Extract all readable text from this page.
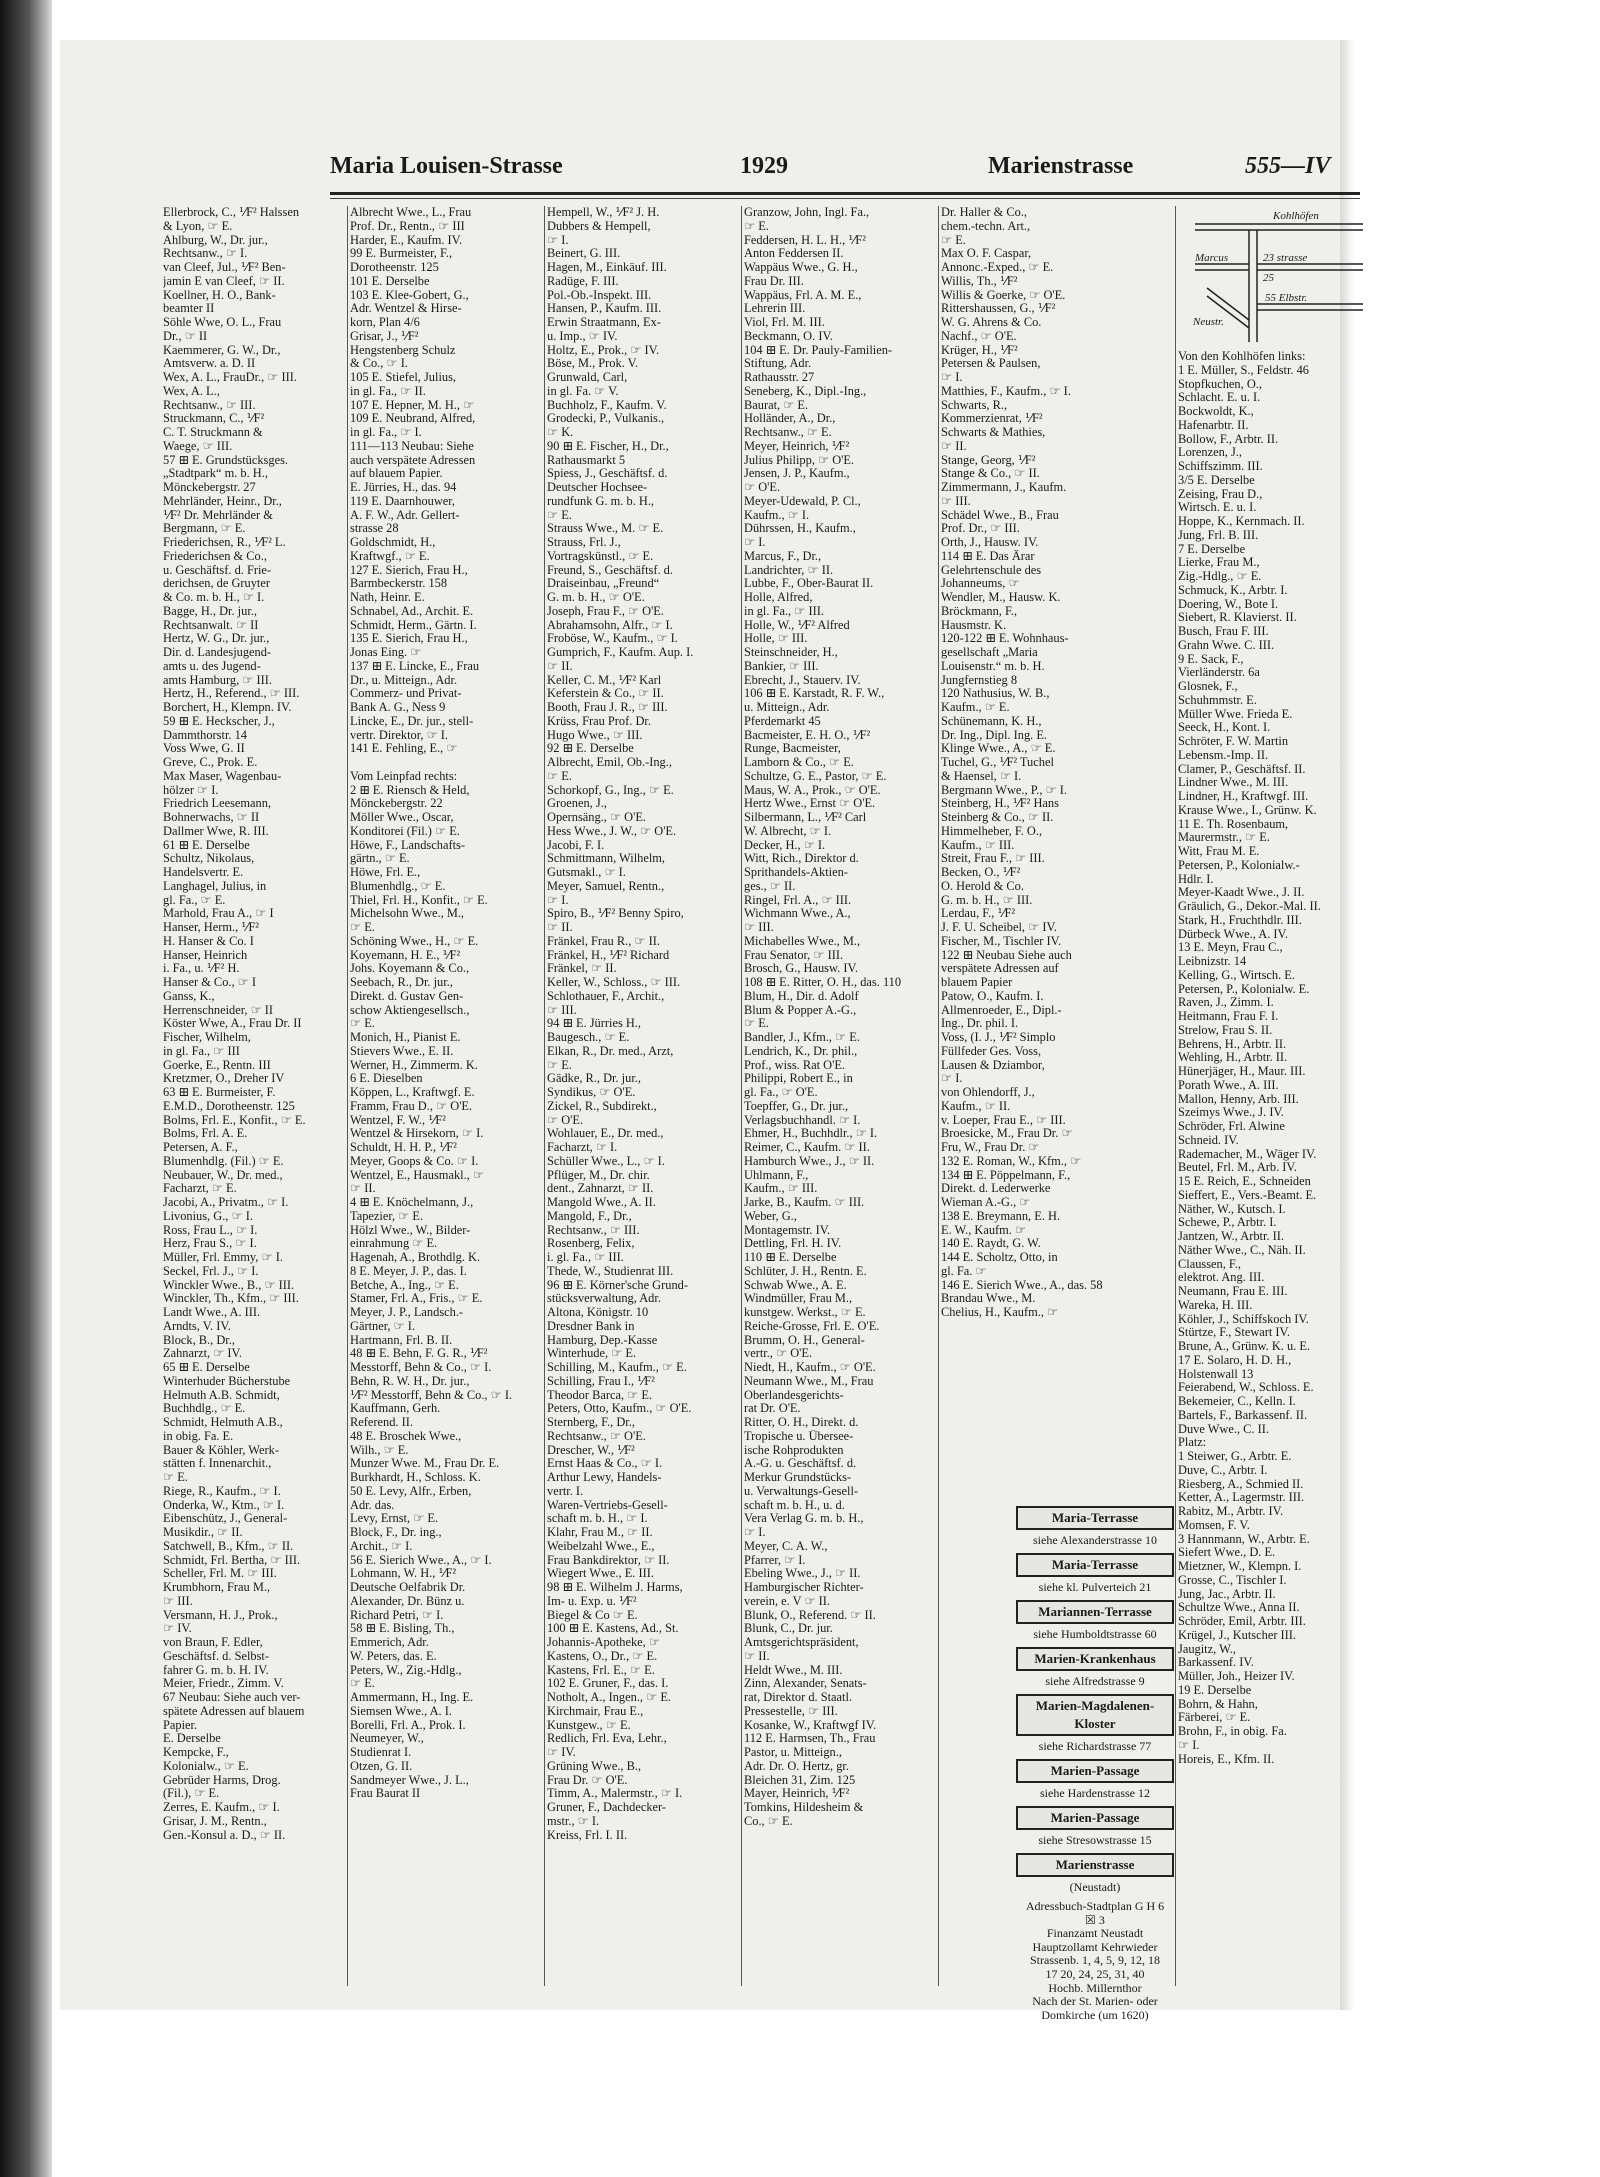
Maria Louisen-Strasse	1929	Marienstrasse	555—IV
Ellerbrock, C., ⅟F² Halssen
& Lyon, ☞ E.
Ahlburg, W., Dr. jur.,
Rechtsanw., ☞ I.
van Cleef, Jul., ⅟F² Ben-
jamin E van Cleef, ☞ II.
Koellner, H. O., Bank-
beamter II
Söhle Wwe, O. L., Frau
Dr., ☞ II
Kaemmerer, G. W., Dr.,
Amtsverw. a. D. II
Wex, A. L., FrauDr., ☞ III.
Wex, A. L.,
Rechtsanw., ☞ III.
Struckmann, C., ⅟F²
C. T. Struckmann &
Waege, ☞ III.
57 ⊞ E. Grundstücksges.
„Stadtpark“ m. b. H.,
Mönckebergstr. 27
Mehrländer, Heinr., Dr.,
⅟F² Dr. Mehrländer &
Bergmann, ☞ E.
Friederichsen, R., ⅟F² L.
Friederichsen & Co.,
u. Geschäftsf. d. Frie-
derichsen, de Gruyter
& Co. m. b. H., ☞ I.
Bagge, H., Dr. jur.,
Rechtsanwalt. ☞ II
Hertz, W. G., Dr. jur.,
Dir. d. Landesjugend-
amts u. des Jugend-
amts Hamburg, ☞ III.
Hertz, H., Referend., ☞ III.
Borchert, H., Klempn. IV.
59 ⊞ E. Heckscher, J.,
Dammthorstr. 14
Voss Wwe, G. II
Greve, C., Prok. E.
Max Maser, Wagenbau-
hölzer ☞ I.
Friedrich Leesemann,
Bohnerwachs, ☞ II
Dallmer Wwe, R. III.
61 ⊞ E. Derselbe
Schultz, Nikolaus,
Handelsvertr. E.
Langhagel, Julius, in
gl. Fa., ☞ E.
Marhold, Frau A., ☞ I
Hanser, Herm., ⅟F²
H. Hanser & Co. I
Hanser, Heinrich
i. Fa., u. ⅟F² H.
Hanser & Co., ☞ I
Ganss, K.,
Herrenschneider, ☞ II
Köster Wwe, A., Frau Dr. II
Fischer, Wilhelm,
in gl. Fa., ☞ III
Goerke, E., Rentn. III
Kretzmer, O., Dreher IV
63 ⊞ E. Burmeister, F.
E.M.D., Dorotheenstr. 125
Bolms, Frl. E., Konfit., ☞ E.
Bolms, Frl. A. E.
Petersen, A. F.,
Blumenhdlg. (Fil.) ☞ E.
Neubauer, W., Dr. med.,
Facharzt, ☞ E.
Jacobi, A., Privatm., ☞ I.
Livonius, G., ☞ I.
Ross, Frau L., ☞ I.
Herz, Frau S., ☞ I.
Müller, Frl. Emmy, ☞ I.
Seckel, Frl. J., ☞ I.
Winckler Wwe., B., ☞ III.
Winckler, Th., Kfm., ☞ III.
Landt Wwe., A. III.
Arndts, V. IV.
Block, B., Dr.,
Zahnarzt, ☞ IV.
65 ⊞ E. Derselbe
Winterhuder Bücherstube
Helmuth A.B. Schmidt,
Buchhdlg., ☞ E.
Schmidt, Helmuth A.B.,
in obig. Fa. E.
Bauer & Köhler, Werk-
stätten f. Innenarchit.,
☞ E.
Riege, R., Kaufm., ☞ I.
Onderka, W., Ktm., ☞ I.
Eibenschütz, J., General-
Musikdir., ☞ II.
Satchwell, B., Kfm., ☞ II.
Schmidt, Frl. Bertha, ☞ III.
Scheller, Frl. M. ☞ III.
Krumbhorn, Frau M.,
☞ III.
Versmann, H. J., Prok.,
☞ IV.
von Braun, F. Edler,
Geschäftsf. d. Selbst-
fahrer G. m. b. H. IV.
Meier, Friedr., Zimm. V.
67 Neubau: Siehe auch ver-
spätete Adressen auf blauem
Papier.
E. Derselbe
Kempcke, F.,
Kolonialw., ☞ E.
Gebrüder Harms, Drog.
(Fil.), ☞ E.
Zerres, E. Kaufm., ☞ I.
Grisar, J. M., Rentn.,
Gen.-Konsul a. D., ☞ II.
Albrecht Wwe., L., Frau
Prof. Dr., Rentn., ☞ III
Harder, E., Kaufm. IV.
99 E. Burmeister, F.,
Dorotheenstr. 125
101 E. Derselbe
103 E. Klee-Gobert, G.,
Adr. Wentzel & Hirse-
korn, Plan 4/6
Grisar, J., ⅟F²
Hengstenberg Schulz
& Co., ☞ I.
105 E. Stiefel, Julius,
in gl. Fa., ☞ II.
107 E. Hepner, M. H., ☞
109 E. Neubrand, Alfred,
in gl. Fa., ☞ I.
111—113 Neubau: Siehe
auch verspätete Adressen
auf blauem Papier.
E. Jürries, H., das. 94
119 E. Daarnhouwer,
A. F. W., Adr. Gellert-
strasse 28
Goldschmidt, H.,
Kraftwgf., ☞ E.
127 E. Sierich, Frau H.,
Barmbeckerstr. 158
Nath, Heinr. E.
Schnabel, Ad., Archit. E.
Schmidt, Herm., Gärtn. I.
135 E. Sierich, Frau H.,
Jonas Eing. ☞
137 ⊞ E. Lincke, E., Frau
Dr., u. Mitteign., Adr.
Commerz- und Privat-
Bank A. G., Ness 9
Lincke, E., Dr. jur., stell-
vertr. Direktor, ☞ I.
141 E. Fehling, E., ☞
Vom Leinpfad rechts:
2 ⊞ E. Riensch & Held,
Mönckebergstr. 22
Möller Wwe., Oscar,
Konditorei (Fil.) ☞ E.
Höwe, F., Landschafts-
gärtn., ☞ E.
Höwe, Frl. E.,
Blumenhdlg., ☞ E.
Thiel, Frl. H., Konfit., ☞ E.
Michelsohn Wwe., M.,
☞ E.
Schöning Wwe., H., ☞ E.
Koyemann, H. E., ⅟F²
Johs. Koyemann & Co.,
Seebach, R., Dr. jur.,
Direkt. d. Gustav Gen-
schow Aktiengesellsch.,
☞ E.
Monich, H., Pianist E.
Stievers Wwe., E. II.
Werner, H., Zimmerm. K.
6 E. Dieselben
Köppen, L., Kraftwgf. E.
Framm, Frau D., ☞ O'E.
Wentzel, F. W., ⅟F²
Wentzel & Hirsekorn, ☞ I.
Schuldt, H. H. P., ⅟F²
Meyer, Goops & Co. ☞ I.
Wentzel, E., Hausmakl., ☞
☞ II.
4 ⊞ E. Knöchelmann, J.,
Tapezier, ☞ E.
Hölzl Wwe., W., Bilder-
einrahmung ☞ E.
Hagenah, A., Brothdlg. K.
8 E. Meyer, J. P., das. I.
Betche, A., Ing., ☞ E.
Stamer, Frl. A., Fris., ☞ E.
Meyer, J. P., Landsch.-
Gärtner, ☞ I.
Hartmann, Frl. B. II.
48 ⊞ E. Behn, F. G. R., ⅟F²
Messtorff, Behn & Co., ☞ I.
Behn, R. W. H., Dr. jur.,
⅟F² Messtorff, Behn & Co., ☞ I.
Kauffmann, Gerh.
Referend. II.
48 E. Broschek Wwe.,
Wilh., ☞ E.
Munzer Wwe. M., Frau Dr. E.
Burkhardt, H., Schloss. K.
50 E. Levy, Alfr., Erben,
Adr. das.
Levy, Ernst, ☞ E.
Block, F., Dr. ing.,
Archit., ☞ I.
56 E. Sierich Wwe., A., ☞ I.
Lohmann, W. H., ⅟F²
Deutsche Oelfabrik Dr.
Alexander, Dr. Bünz u.
Richard Petri, ☞ I.
58 ⊞ E. Bisling, Th.,
Emmerich, Adr.
W. Peters, das. E.
Peters, W., Zig.-Hdlg.,
☞ E.
Ammermann, H., Ing. E.
Siemsen Wwe., A. I.
Borelli, Frl. A., Prok. I.
Neumeyer, W.,
Studienrat I.
Otzen, G. II.
Sandmeyer Wwe., J. L.,
Frau Baurat II
Hempell, W., ⅟F² J. H.
Dubbers & Hempell,
☞ I.
Beinert, G. III.
Hagen, M., Einkäuf. III.
Radüge, F. III.
Pol.-Ob.-Inspekt. III.
Hansen, P., Kaufm. III.
Erwin Straatmann, Ex-
u. Imp., ☞ IV.
Holtz, E., Prok., ☞ IV.
Böse, M., Prok. V.
Grunwald, Carl,
in gl. Fa. ☞ V.
Buchholz, F., Kaufm. V.
Grodecki, P., Vulkanis.,
☞ K.
90 ⊞ E. Fischer, H., Dr.,
Rathausmarkt 5
Spiess, J., Geschäftsf. d.
Deutscher Hochsee-
rundfunk G. m. b. H.,
☞ E.
Strauss Wwe., M. ☞ E.
Strauss, Frl. J.,
Vortragskünstl., ☞ E.
Freund, S., Geschäftsf. d.
Draiseinbau, „Freund“
G. m. b. H., ☞ O'E.
Joseph, Frau F., ☞ O'E.
Abrahamsohn, Alfr., ☞ I.
Froböse, W., Kaufm., ☞ I.
Gumprich, F., Kaufm. Aup. I.
☞ II.
Keller, C. M., ⅟F² Karl
Keferstein & Co., ☞ II.
Booth, Frau J. R., ☞ III.
Krüss, Frau Prof. Dr.
Hugo Wwe., ☞ III.
92 ⊞ E. Derselbe
Albrecht, Emil, Ob.-Ing.,
☞ E.
Schorkopf, G., Ing., ☞ E.
Groenen, J.,
Opernsäng., ☞ O'E.
Hess Wwe., J. W., ☞ O'E.
Jacobi, F. I.
Schmittmann, Wilhelm,
Gutsmakl., ☞ I.
Meyer, Samuel, Rentn.,
☞ I.
Spiro, B., ⅟F² Benny Spiro,
☞ II.
Fränkel, Frau R., ☞ II.
Fränkel, H., ⅟F² Richard
Fränkel, ☞ II.
Keller, W., Schloss., ☞ III.
Schlothauer, F., Archit.,
☞ III.
94 ⊞ E. Jürries H.,
Baugesch., ☞ E.
Elkan, R., Dr. med., Arzt,
☞ E.
Gädke, R., Dr. jur.,
Syndikus, ☞ O'E.
Zickel, R., Subdirekt.,
☞ O'E.
Wohlauer, E., Dr. med.,
Facharzt, ☞ I.
Schüller Wwe., L., ☞ I.
Pflüger, M., Dr. chir.
dent., Zahnarzt, ☞ II.
Mangold Wwe., A. II.
Mangold, F., Dr.,
Rechtsanw., ☞ III.
Rosenberg, Felix,
i. gl. Fa., ☞ III.
Thede, W., Studienrat III.
96 ⊞ E. Körner'sche Grund-
stücksverwaltung, Adr.
Altona, Königstr. 10
Dresdner Bank in
Hamburg, Dep.-Kasse
Winterhude, ☞ E.
Schilling, M., Kaufm., ☞ E.
Schilling, Frau I., ⅟F²
Theodor Barca, ☞ E.
Peters, Otto, Kaufm., ☞ O'E.
Sternberg, F., Dr.,
Rechtsanw., ☞ O'E.
Drescher, W., ⅟F²
Ernst Haas & Co., ☞ I.
Arthur Lewy, Handels-
vertr. I.
Waren-Vertriebs-Gesell-
schaft m. b. H., ☞ I.
Klahr, Frau M., ☞ II.
Weibelzahl Wwe., E.,
Frau Bankdirektor, ☞ II.
Wiegert Wwe., E. III.
98 ⊞ E. Wilhelm J. Harms,
Im- u. Exp. u. ⅟F²
Biegel & Co ☞ E.
100 ⊞ E. Kastens, Ad., St.
Johannis-Apotheke, ☞
Kastens, O., Dr., ☞ E.
Kastens, Frl. E., ☞ E.
102 E. Gruner, F., das. I.
Notholt, A., Ingen., ☞ E.
Kirchmair, Frau E.,
Kunstgew., ☞ E.
Redlich, Frl. Eva, Lehr.,
☞ IV.
Grüning Wwe., B.,
Frau Dr. ☞ O'E.
Timm, A., Malermstr., ☞ I.
Gruner, F., Dachdecker-
mstr., ☞ I.
Kreiss, Frl. I. II.
Granzow, John, Ingl. Fa.,
☞ E.
Feddersen, H. L. H., ⅟F²
Anton Feddersen II.
Wappäus Wwe., G. H.,
Frau Dr. III.
Wappäus, Frl. A. M. E.,
Lehrerin III.
Viol, Frl. M. III.
Beckmann, O. IV.
104 ⊞ E. Dr. Pauly-Familien-
Stiftung, Adr.
Rathausstr. 27
Seneberg, K., Dipl.-Ing.,
Baurat, ☞ E.
Holländer, A., Dr.,
Rechtsanw., ☞ E.
Meyer, Heinrich, ⅟F²
Julius Philipp, ☞ O'E.
Jensen, J. P., Kaufm.,
☞ O'E.
Meyer-Udewald, P. Cl.,
Kaufm., ☞ I.
Dührssen, H., Kaufm.,
☞ I.
Marcus, F., Dr.,
Landrichter, ☞ II.
Lubbe, F., Ober-Baurat II.
Holle, Alfred,
in gl. Fa., ☞ III.
Holle, W., ⅟F² Alfred
Holle, ☞ III.
Steinschneider, H.,
Bankier, ☞ III.
Ebrecht, J., Stauerv. IV.
106 ⊞ E. Karstadt, R. F. W.,
u. Mitteign., Adr.
Pferdemarkt 45
Bacmeister, E. H. O., ⅟F²
Runge, Bacmeister,
Lamborn & Co., ☞ E.
Schultze, G. E., Pastor, ☞ E.
Maus, W. A., Prok., ☞ O'E.
Hertz Wwe., Ernst ☞ O'E.
Silbermann, L., ⅟F² Carl
W. Albrecht, ☞ I.
Decker, H., ☞ I.
Witt, Rich., Direktor d.
Sprithandels-Aktien-
ges., ☞ II.
Ringel, Frl. A., ☞ III.
Wichmann Wwe., A.,
☞ III.
Michabelles Wwe., M.,
Frau Senator, ☞ III.
Brosch, G., Hausw. IV.
108 ⊞ E. Ritter, O. H., das. 110
Blum, H., Dir. d. Adolf
Blum & Popper A.-G.,
☞ E.
Bandler, J., Kfm., ☞ E.
Lendrich, K., Dr. phil.,
Prof., wiss. Rat O'E.
Philippi, Robert E., in
gl. Fa., ☞ O'E.
Toepffer, G., Dr. jur.,
Verlagsbuchhandl. ☞ I.
Ehmer, H., Buchhdlr., ☞ I.
Reimer, C., Kaufm. ☞ II.
Hamburch Wwe., J., ☞ II.
Uhlmann, F.,
Kaufm., ☞ III.
Jarke, B., Kaufm. ☞ III.
Weber, G.,
Montagemstr. IV.
Dettling, Frl. H. IV.
110 ⊞ E. Derselbe
Schlüter, J. H., Rentn. E.
Schwab Wwe., A. E.
Windmüller, Frau M.,
kunstgew. Werkst., ☞ E.
Reiche-Grosse, Frl. E. O'E.
Brumm, O. H., General-
vertr., ☞ O'E.
Niedt, H., Kaufm., ☞ O'E.
Neumann Wwe., M., Frau
Oberlandesgerichts-
rat Dr. O'E.
Ritter, O. H., Direkt. d.
Tropische u. Übersee-
ische Rohprodukten
A.-G. u. Geschäftsf. d.
Merkur Grundstücks-
u. Verwaltungs-Gesell-
schaft m. b. H., u. d.
Vera Verlag G. m. b. H.,
☞ I.
Meyer, C. A. W.,
Pfarrer, ☞ I.
Ebeling Wwe., J., ☞ II.
Hamburgischer Richter-
verein, e. V ☞ II.
Blunk, O., Referend. ☞ II.
Blunk, C., Dr. jur.
Amtsgerichtspräsident,
☞ II.
Heldt Wwe., M. III.
Zinn, Alexander, Senats-
rat, Direktor d. Staatl.
Pressestelle, ☞ III.
Kosanke, W., Kraftwgf IV.
112 E. Harmsen, Th., Frau
Pastor, u. Mitteign.,
Adr. Dr. O. Hertz, gr.
Bleichen 31, Zim. 125
Mayer, Heinrich, ⅟F²
Tomkins, Hildesheim &
Co., ☞ E.
Dr. Haller & Co.,
chem.-techn. Art.,
☞ E.
Max O. F. Caspar,
Annonc.-Exped., ☞ E.
Willis, Th., ⅟F²
Willis & Goerke, ☞ O'E.
Rittershaussen, G., ⅟F²
W. G. Ahrens & Co.
Nachf., ☞ O'E.
Krüger, H., ⅟F²
Petersen & Paulsen,
☞ I.
Matthies, F., Kaufm., ☞ I.
Schwarts, R.,
Kommerzienrat, ⅟F²
Schwarts & Mathies,
☞ II.
Stange, Georg, ⅟F²
Stange & Co., ☞ II.
Zimmermann, J., Kaufm.
☞ III.
Schädel Wwe., B., Frau
Prof. Dr., ☞ III.
Orth, J., Hausw. IV.
114 ⊞ E. Das Ärar
Gelehrtenschule des
Johanneums, ☞
Wendler, M., Hausw. K.
Bröckmann, F.,
Hausmstr. K.
120-122 ⊞ E. Wohnhaus-
gesellschaft „Maria
Louisenstr.“ m. b. H.
Jungfernstieg 8
120 Nathusius, W. B.,
Kaufm., ☞ E.
Schünemann, K. H.,
Dr. Ing., Dipl. Ing. E.
Klinge Wwe., A., ☞ E.
Tuchel, G., ⅟F² Tuchel
& Haensel, ☞ I.
Bergmann Wwe., P., ☞ I.
Steinberg, H., ⅟F² Hans
Steinberg & Co., ☞ II.
Himmelheber, F. O.,
Kaufm., ☞ III.
Streit, Frau F., ☞ III.
Becken, O., ⅟F²
O. Herold & Co.
G. m. b. H., ☞ III.
Lerdau, F., ⅟F²
J. F. U. Scheibel, ☞ IV.
Fischer, M., Tischler IV.
122 ⊞ Neubau Siehe auch
verspätete Adressen auf
blauem Papier
Patow, O., Kaufm. I.
Allmenroeder, E., Dipl.-
Ing., Dr. phil. I.
Voss, (I. J., ⅟F² Simplo
Füllfeder Ges. Voss,
Lausen & Dziambor,
☞ I.
von Ohlendorff, J.,
Kaufm., ☞ II.
v. Loeper, Frau E., ☞ III.
Broesicke, M., Frau Dr. ☞
Fru, W., Frau Dr. ☞
132 E. Roman, W., Kfm., ☞
134 ⊞ E. Pöppelmann, F.,
Direkt. d. Lederwerke
Wieman A.-G., ☞
138 E. Breymann, E. H.
E. W., Kaufm. ☞
140 E. Raydt, G. W.
144 E. Scholtz, Otto, in
gl. Fa. ☞
146 E. Sierich Wwe., A., das. 58
Brandau Wwe., M.
Chelius, H., Kaufm., ☞
Von den Kohlhöfen links:
1 E. Müller, S., Feldstr. 46
Stopfkuchen, O.,
Schlacht. E. u. I.
Bockwoldt, K.,
Hafenarbtr. II.
Bollow, F., Arbtr. II.
Lorenzen, J.,
Schiffszimm. III.
3/5 E. Derselbe
Zeising, Frau D.,
Wirtsch. E. u. I.
Hoppe, K., Kernmach. II.
Jung, Frl. B. III.
7 E. Derselbe
Lierke, Frau M.,
Zig.-Hdlg., ☞ E.
Schmuck, K., Arbtr. I.
Doering, W., Bote I.
Siebert, R. Klavierst. II.
Busch, Frau F. III.
Grahn Wwe. C. III.
9 E. Sack, F.,
Vierländerstr. 6a
Glosnek, F.,
Schuhmmstr. E.
Müller Wwe. Frieda E.
Seeck, H., Kont. I.
Schröter, F. W. Martin
Lebensm.-Imp. II.
Clamer, P., Geschäftsf. II.
Lindner Wwe., M. III.
Lindner, H., Kraftwgf. III.
Krause Wwe., I., Grünw. K.
11 E. Th. Rosenbaum,
Maurermstr., ☞ E.
Witt, Frau M. E.
Petersen, P., Kolonialw.-
Hdlr. I.
Meyer-Kaadt Wwe., J. II.
Gräulich, G., Dekor.-Mal. II.
Stark, H., Fruchthdlr. III.
Dürbeck Wwe., A. IV.
13 E. Meyn, Frau C.,
Leibnizstr. 14
Kelling, G., Wirtsch. E.
Petersen, P., Kolonialw. E.
Raven, J., Zimm. I.
Heitmann, Frau F. I.
Strelow, Frau S. II.
Behrens, H., Arbtr. II.
Wehling, H., Arbtr. II.
Hünerjäger, H., Maur. III.
Porath Wwe., A. III.
Mallon, Henny, Arb. III.
Szeimys Wwe., J. IV.
Schröder, Frl. Alwine
Schneid. IV.
Rademacher, M., Wäger IV.
Beutel, Frl. M., Arb. IV.
15 E. Reich, E., Schneiden
Sieffert, E., Vers.-Beamt. E.
Näther, W., Kutsch. I.
Schewe, P., Arbtr. I.
Jantzen, W., Arbtr. II.
Näther Wwe., C., Näh. II.
Claussen, F.,
elektrot. Ang. III.
Neumann, Frau E. III.
Wareka, H. III.
Köhler, J., Schiffskoch IV.
Stürtze, F., Stewart IV.
Brune, A., Grünw. K. u. E.
17 E. Solaro, H. D. H.,
Holstenwall 13
Feierabend, W., Schloss. E.
Bekemeier, C., Kelln. I.
Bartels, F., Barkassenf. II.
Duve Wwe., C. II.
Platz:
1 Steiwer, G., Arbtr. E.
Duve, C., Arbtr. I.
Riesberg, A., Schmied II.
Ketter, A., Lagermstr. III.
Rabitz, M., Arbtr. IV.
Momsen, F. V.
3 Hannmann, W., Arbtr. E.
Siefert Wwe., D. E.
Mietzner, W., Klempn. I.
Grosse, C., Tischler I.
Jung, Jac., Arbtr. II.
Schultze Wwe., Anna II.
Schröder, Emil, Arbtr. III.
Krügel, J., Kutscher III.
Jaugitz, W.,
Barkassenf. IV.
Müller, Joh., Heizer IV.
19 E. Derselbe
Bohrn, & Hahn,
Färberei, ☞ E.
Brohn, F., in obig. Fa.
☞ I.
Horeis, E., Kfm. II.
Kohlhöfen
Marcus	23 strasse
25
55 Elbstr.
Neustr.
Maria-Terrasse
siehe Alexanderstrasse 10
Maria-Terrasse
siehe kl. Pulverteich 21
Mariannen-Terrasse
siehe Humboldtstrasse 60
Marien-Krankenhaus
siehe Alfredstrasse 9
Marien-Magdalenen-Kloster
siehe Richardstrasse 77
Marien-Passage
siehe Hardenstrasse 12
Marien-Passage
siehe Stresowstrasse 15
Marienstrasse
(Neustadt)
Adressbuch-Stadtplan G H 6
☒ 3
Finanzamt Neustadt
Hauptzollamt Kehrwieder
Strassenb. 1, 4, 5, 9, 12, 18
17 20, 24, 25, 31, 40
Hochb. Millernthor
Nach der St. Marien- oder
Domkirche (um 1620)
